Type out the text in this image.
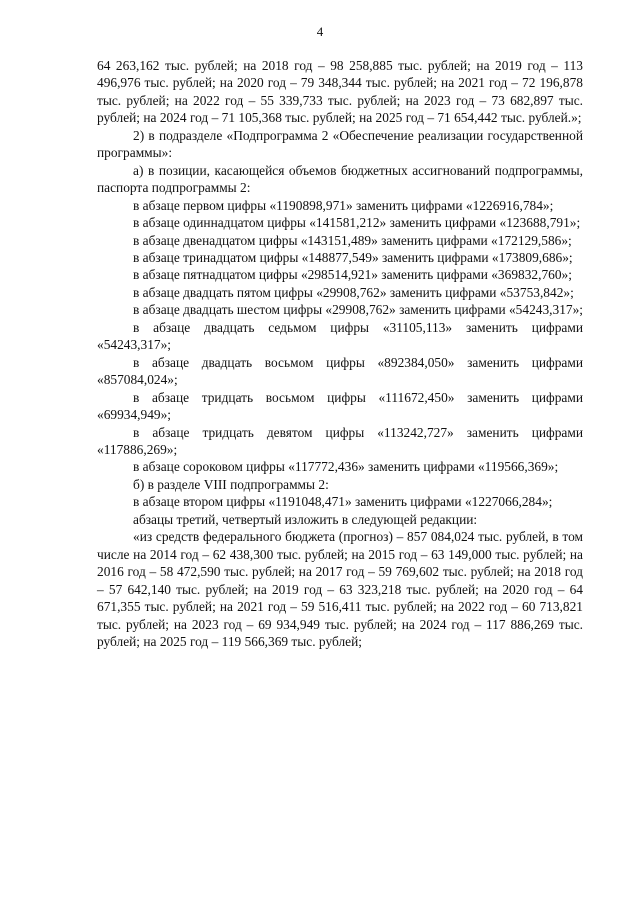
4

64 263,162 тыс. рублей; на 2018 год – 98 258,885 тыс. рублей; на 2019 год – 113 496,976 тыс. рублей; на 2020 год – 79 348,344 тыс. рублей; на 2021 год – 72 196,878 тыс. рублей; на 2022 год – 55 339,733 тыс. рублей; на 2023 год – 73 682,897 тыс. рублей; на 2024 год – 71 105,368 тыс. рублей; на 2025 год – 71 654,442 тыс. рублей.»;

2) в подразделе «Подпрограмма 2 «Обеспечение реализации государственной программы»:

а) в позиции, касающейся объемов бюджетных ассигнований подпрограммы, паспорта подпрограммы 2:

в абзаце первом цифры «1190898,971» заменить цифрами «1226916,784»;

в абзаце одиннадцатом цифры «141581,212» заменить цифрами «123688,791»;

в абзаце двенадцатом цифры «143151,489» заменить цифрами «172129,586»;

в абзаце тринадцатом цифры «148877,549» заменить цифрами «173809,686»;

в абзаце пятнадцатом цифры «298514,921» заменить цифрами «369832,760»;

в абзаце двадцать пятом цифры «29908,762» заменить цифрами «53753,842»;

в абзаце двадцать шестом цифры «29908,762» заменить цифрами «54243,317»;

в абзаце двадцать седьмом цифры «31105,113» заменить цифрами «54243,317»;

в абзаце двадцать восьмом цифры «892384,050» заменить цифрами «857084,024»;

в абзаце тридцать восьмом цифры «111672,450» заменить цифрами «69934,949»;

в абзаце тридцать девятом цифры «113242,727» заменить цифрами «117886,269»;

в абзаце сороковом цифры «117772,436» заменить цифрами «119566,369»;

б) в разделе VIII подпрограммы 2:

в абзаце втором цифры «1191048,471» заменить цифрами «1227066,284»;

абзацы третий, четвертый изложить в следующей редакции:

«из средств федерального бюджета (прогноз) – 857 084,024 тыс. рублей, в том числе на 2014 год – 62 438,300 тыс. рублей; на 2015 год – 63 149,000 тыс. рублей; на 2016 год – 58 472,590 тыс. рублей; на 2017 год – 59 769,602 тыс. рублей; на 2018 год – 57 642,140 тыс. рублей; на 2019 год – 63 323,218 тыс. рублей; на 2020 год – 64 671,355 тыс. рублей; на 2021 год – 59 516,411 тыс. рублей; на 2022 год – 60 713,821 тыс. рублей; на 2023 год – 69 934,949 тыс. рублей; на 2024 год – 117 886,269 тыс. рублей; на 2025 год – 119 566,369 тыс. рублей;
